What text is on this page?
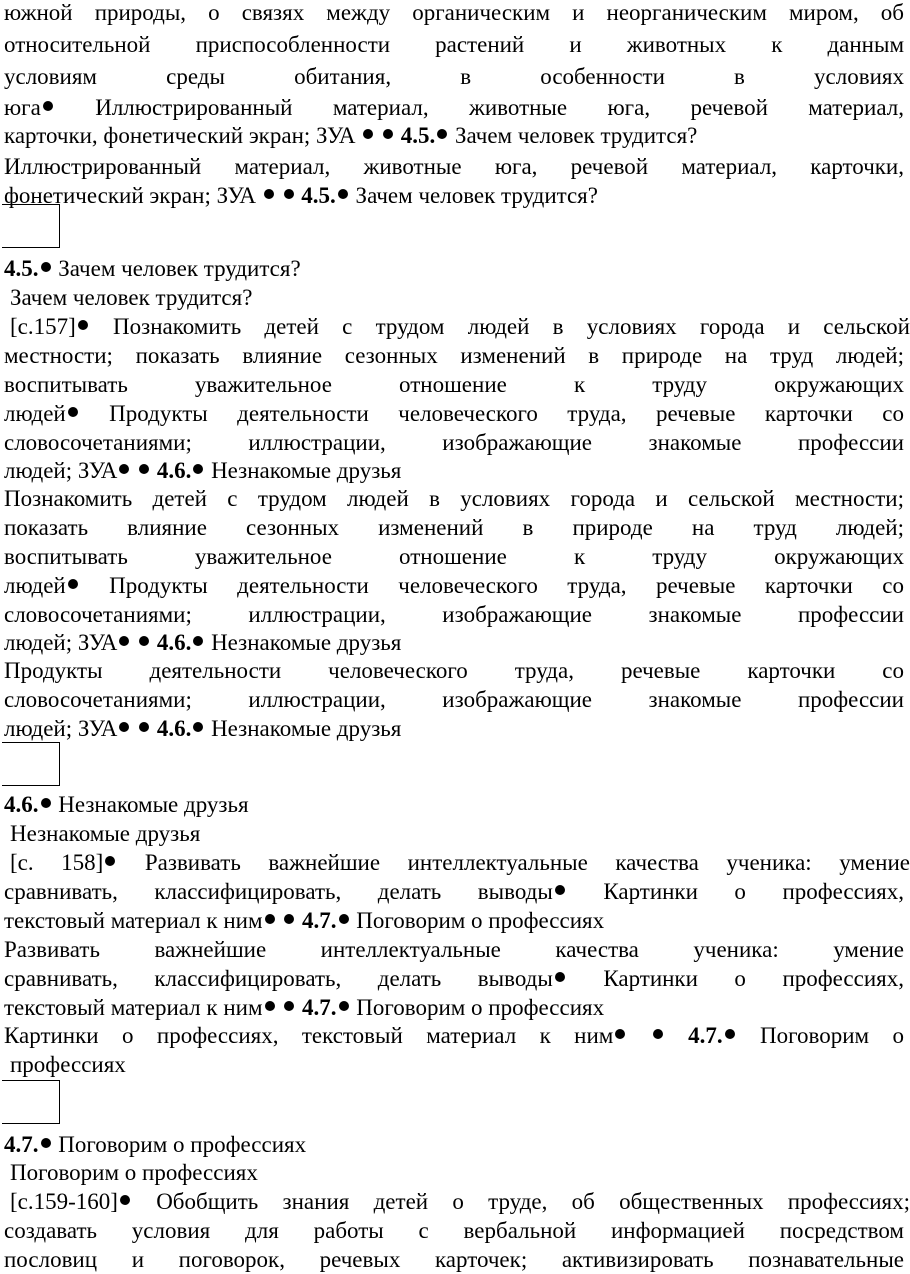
южной природы, о связях между органическим и неорганическим миром, об
относительной приспособленности растений и животных к данным
условиям среды обитания, в особенности в условиях
юга Иллюстрированный материал, животные юга, речевой материал,
карточки, фонетический экран; ЗУА   4.5. Зачем человек трудится?
Иллюстрированный материал, животные юга, речевой материал, карточки,
фонетический экран; ЗУА   4.5. Зачем человек трудится?
4.5. Зачем человек трудится?
Зачем человек трудится?
[с.157] Познакомить детей с трудом людей в условиях города и сельской
местности; показать влияние сезонных изменений в природе на труд людей;
воспитывать уважительное отношение к труду окружающих
людей Продукты деятельности человеческого труда, речевые карточки со
словосочетаниями; иллюстрации, изображающие знакомые профессии
людей; ЗУА 4.6. Незнакомые друзья
Познакомить детей с трудом людей в условиях города и сельской местности;
показать влияние сезонных изменений в природе на труд людей;
воспитывать уважительное отношение к труду окружающих
людей Продукты деятельности человеческого труда, речевые карточки со
словосочетаниями; иллюстрации, изображающие знакомые профессии
людей; ЗУА 4.6. Незнакомые друзья
Продукты деятельности человеческого труда, речевые карточки со
словосочетаниями; иллюстрации, изображающие знакомые профессии
людей; ЗУА 4.6. Незнакомые друзья
4.6. Незнакомые друзья
Незнакомые друзья
[с. 158] Развивать важнейшие интеллектуальные качества ученика: умение
сравнивать, классифицировать, делать выводы Картинки о профессиях,
текстовый материал к ним 4.7. Поговорим о профессиях
Развивать важнейшие интеллектуальные качества ученика: умение
сравнивать, классифицировать, делать выводы Картинки о профессиях,
текстовый материал к ним 4.7. Поговорим о профессиях
Картинки о профессиях, текстовый материал к ним	4.7. Поговорим о
профессиях
4.7. Поговорим о профессиях
Поговорим о профессиях
[с.159-160] Обобщить знания детей о труде, об общественных профессиях;
создавать условия для работы с вербальной информацией посредством
пословиц и поговорок, речевых карточек; активизировать познавательные
